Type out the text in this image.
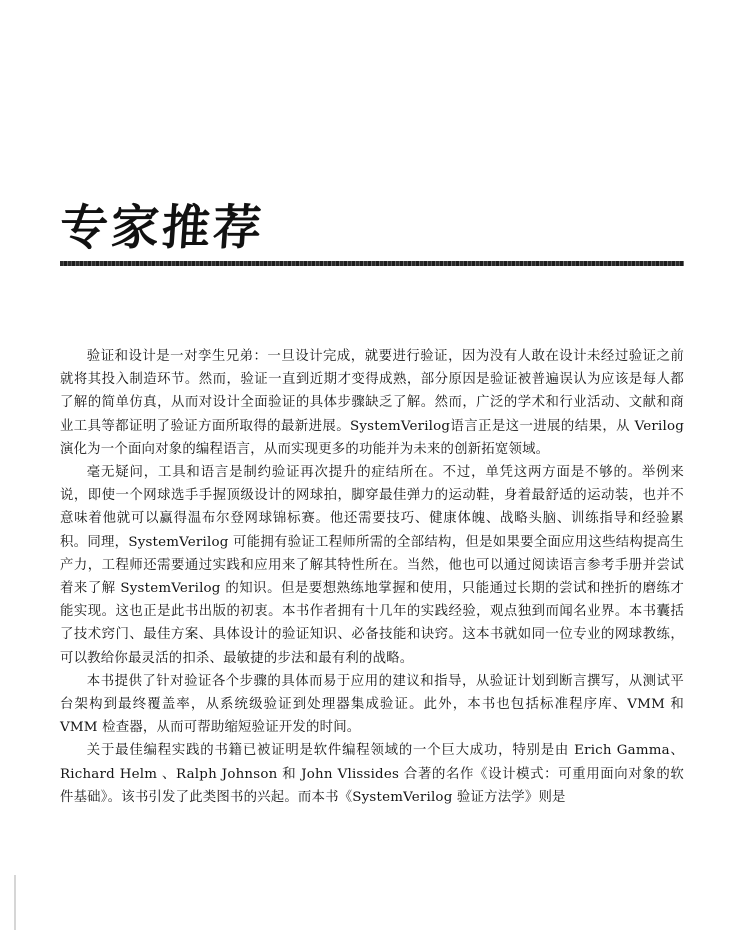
专家推荐

验证和设计是一对孪生兄弟：一旦设计完成，就要进行验证，因为没有人敢在设计未经过验证之前就将其投入制造环节。然而，验证一直到近期才变得成熟，部分原因是验证被普遍误认为应该是每人都了解的简单仿真，从而对设计全面验证的具体步骤缺乏了解。然而，广泛的学术和行业活动、文献和商业工具等都证明了验证方面所取得的最新进展。SystemVerilog语言正是这一进展的结果，从 Verilog 演化为一个面向对象的编程语言，从而实现更多的功能并为未来的创新拓宽领域。

毫无疑问，工具和语言是制约验证再次提升的症结所在。不过，单凭这两方面是不够的。举例来说，即使一个网球选手手握顶级设计的网球拍，脚穿最佳弹力的运动鞋，身着最舒适的运动装，也并不意味着他就可以赢得温布尔登网球锦标赛。他还需要技巧、健康体魄、战略头脑、训练指导和经验累积。同理，SystemVerilog 可能拥有验证工程师所需的全部结构，但是如果要全面应用这些结构提高生产力，工程师还需要通过实践和应用来了解其特性所在。当然，他也可以通过阅读语言参考手册并尝试着来了解 SystemVerilog 的知识。但是要想熟练地掌握和使用，只能通过长期的尝试和挫折的磨练才能实现。这也正是此书出版的初衷。本书作者拥有十几年的实践经验，观点独到而闻名业界。本书囊括了技术窍门、最佳方案、具体设计的验证知识、必备技能和诀窍。这本书就如同一位专业的网球教练，可以教给你最灵活的扣杀、最敏捷的步法和最有利的战略。

本书提供了针对验证各个步骤的具体而易于应用的建议和指导，从验证计划到断言撰写，从测试平台架构到最终覆盖率，从系统级验证到处理器集成验证。此外，本书也包括标准程序库、VMM 和 VMM 检查器，从而可帮助缩短验证开发的时间。

关于最佳编程实践的书籍已被证明是软件编程领域的一个巨大成功，特别是由 Erich Gamma、Richard Helm 、Ralph Johnson 和 John Vlissides 合著的名作《设计模式：可重用面向对象的软件基础》。该书引发了此类图书的兴起。而本书《SystemVerilog 验证方法学》则是
